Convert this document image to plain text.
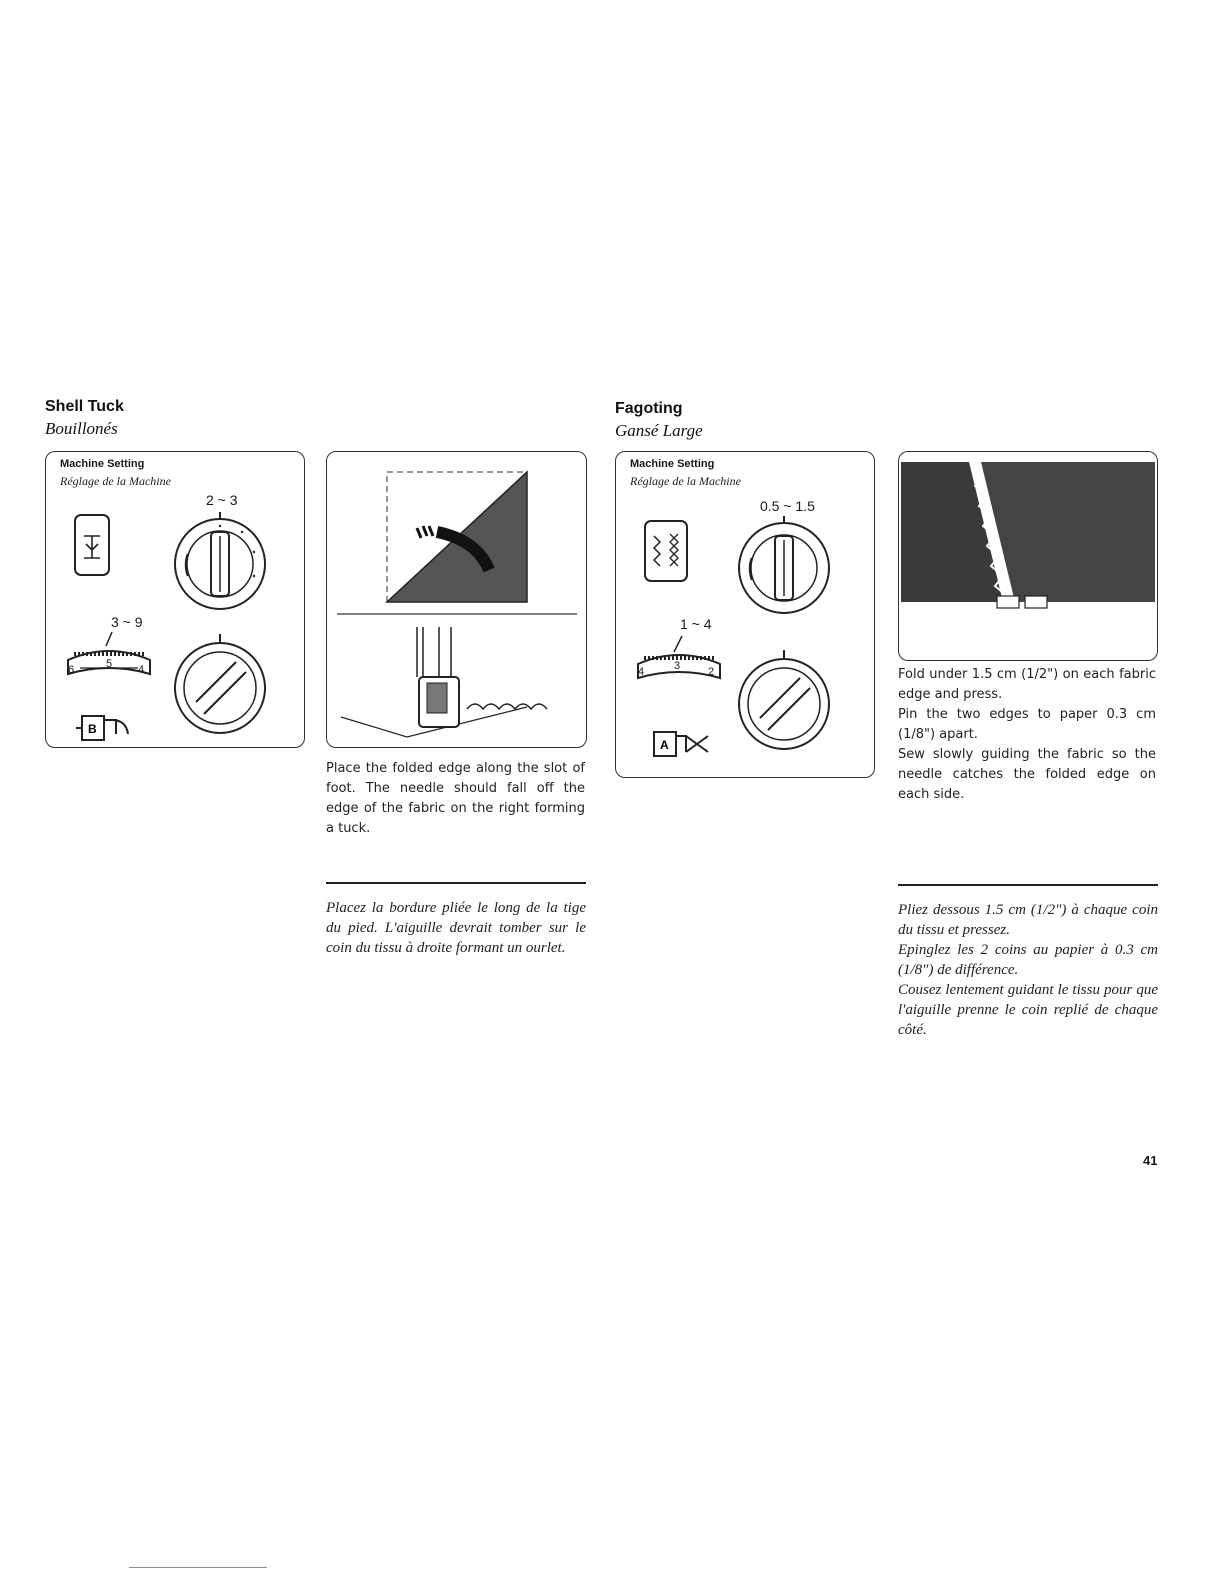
Shell Tuck
Bouillonés
Machine Setting
Réglage de la Machine
2 ~ 3
3 ~ 9
6	5 4
B
Place the folded edge along the slot of foot. The needle should fall off the edge of the fabric on the right forming a tuck.
Placez la bordure pliée le long de la tige du pied. L'aiguille devrait tomber sur le coin du tissu à droite formant un ourlet.
Fagoting
Gansé Large
Machine Setting
Réglage de la Machine
0.5 ~ 1.5
1 ~ 4
4	3	2
A
Fold under 1.5 cm (1/2") on each fabric edge and press.
Pin the two edges to paper 0.3 cm (1/8") apart.
Sew slowly guiding the fabric so the needle catches the folded edge on each side.
Pliez dessous 1.5 cm (1/2") à chaque coin du tissu et pressez.
Epinglez les 2 coins au papier à 0.3 cm (1/8") de différence.
Cousez lentement guidant le tissu pour que l'aiguille prenne le coin replié de chaque côté.
41
